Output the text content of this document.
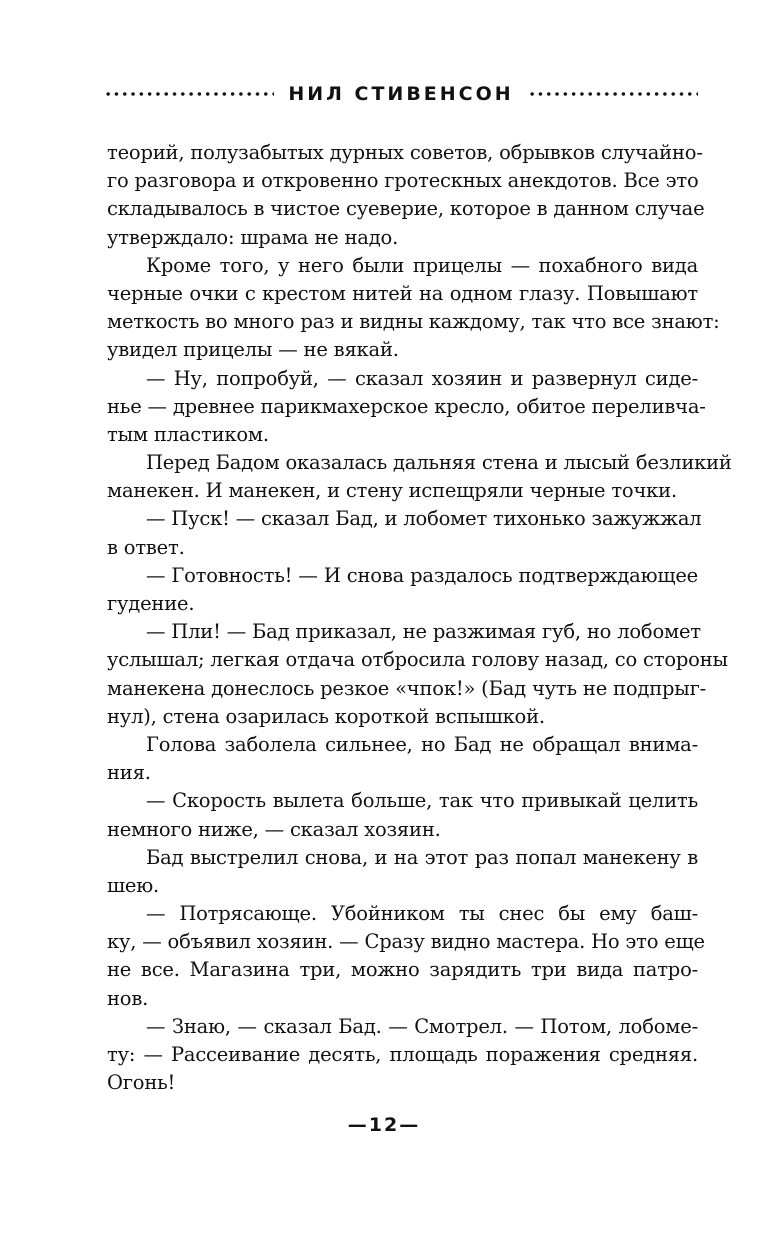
НИЛ СТИВЕНСОН
теорий, полузабытых дурных советов, обрывков случайно-
го разговора и откровенно гротескных анекдотов. Все это
складывалось в чистое суеверие, которое в данном случае
утверждало: шрама не надо.
Кроме того, у него были прицелы — похабного вида
черные очки с крестом нитей на одном глазу. Повышают
меткость во много раз и видны каждому, так что все знают:
увидел прицелы — не вякай.
— Ну, попробуй, — сказал хозяин и развернул сиде-
нье — древнее парикмахерское кресло, обитое переливча-
тым пластиком.
Перед Бадом оказалась дальняя стена и лысый безликий
манекен. И манекен, и стену испещряли черные точки.
— Пуск! — сказал Бад, и лобомет тихонько зажужжал
в ответ.
— Готовность! — И снова раздалось подтверждающее
гудение.
— Пли! — Бад приказал, не разжимая губ, но лобомет
услышал; легкая отдача отбросила голову назад, со стороны
манекена донеслось резкое «чпок!» (Бад чуть не подпрыг-
нул), стена озарилась короткой вспышкой.
Голова заболела сильнее, но Бад не обращал внима-
ния.
— Скорость вылета больше, так что привыкай целить
немного ниже, — сказал хозяин.
Бад выстрелил снова, и на этот раз попал манекену в
шею.
— Потрясающе. Убойником ты снес бы ему баш-
ку, — объявил хозяин. — Сразу видно мастера. Но это еще
не все. Магазина три, можно зарядить три вида патро-
нов.
— Знаю, — сказал Бад. — Смотрел. — Потом, лобоме-
ту: — Рассеивание десять, площадь поражения средняя.
Огонь!
—12—
